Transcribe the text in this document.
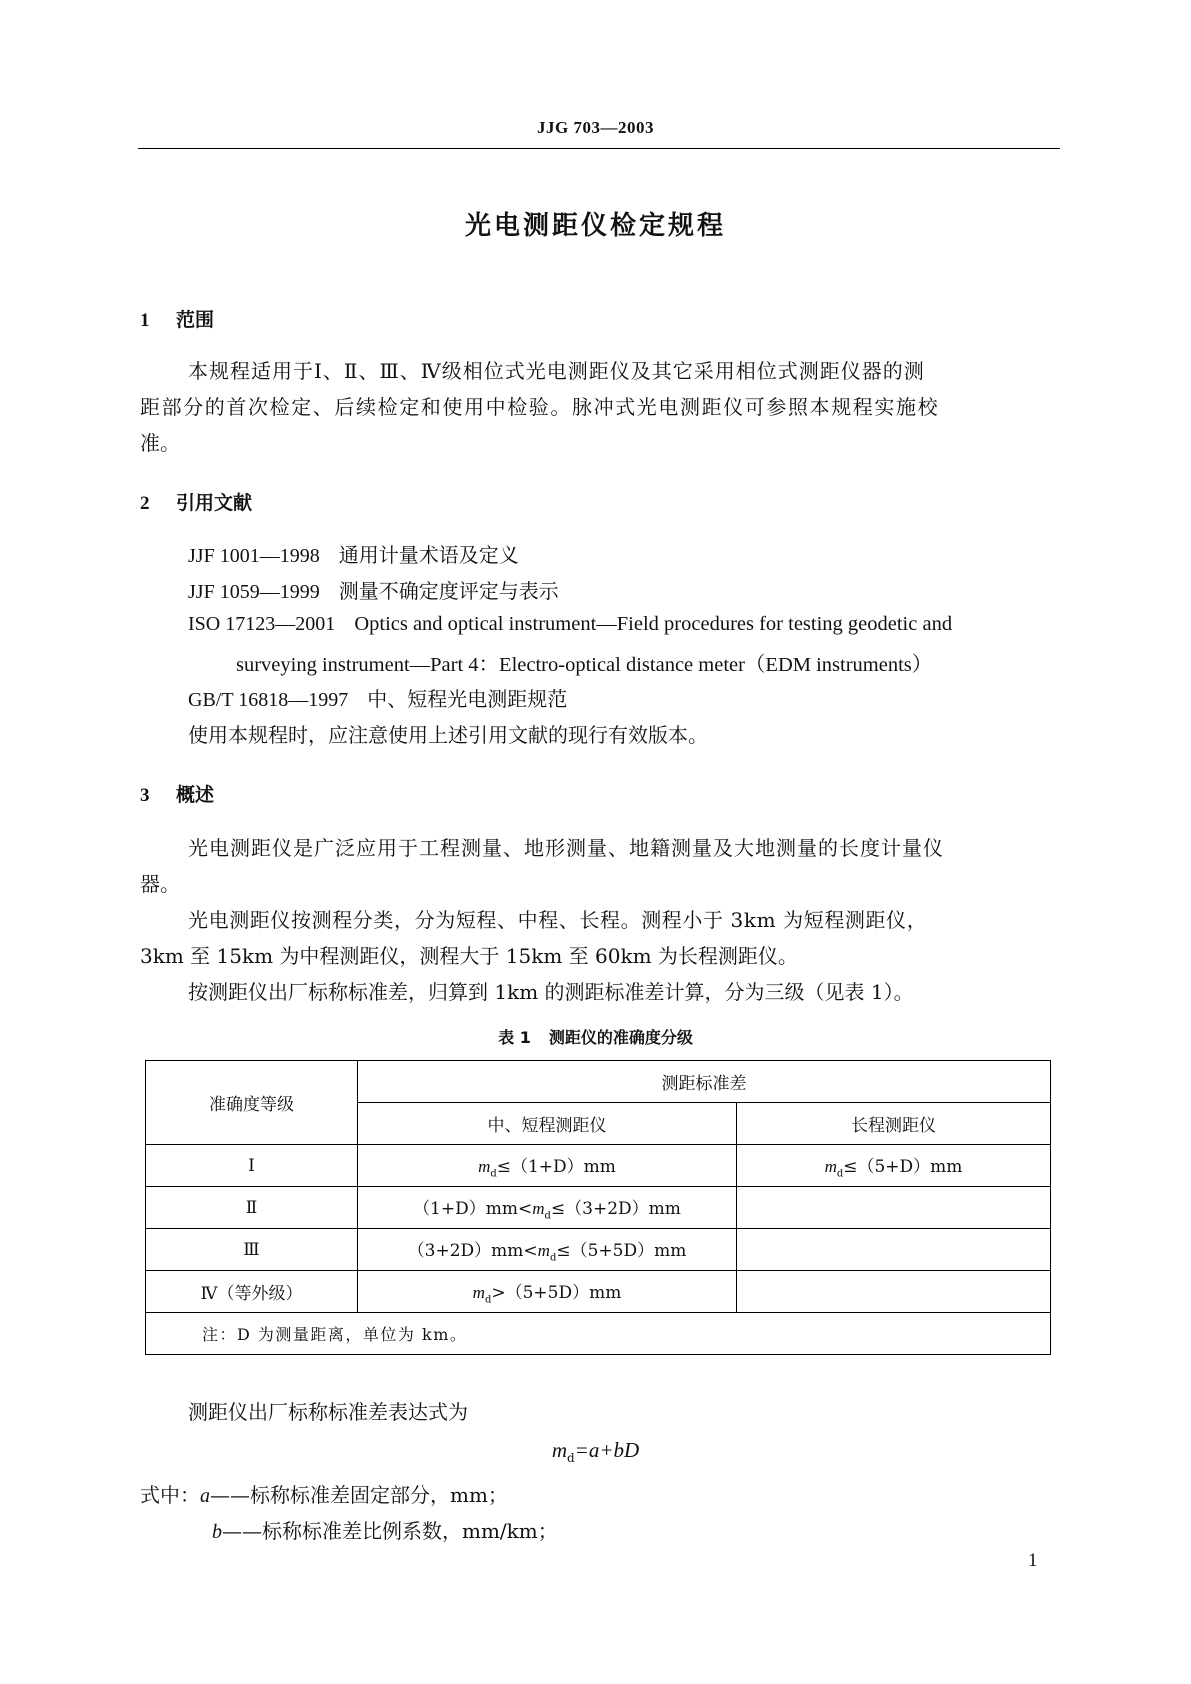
JJG 703—2003
光电测距仪检定规程
1 范围
本规程适用于Ⅰ、Ⅱ、Ⅲ、Ⅳ级相位式光电测距仪及其它采用相位式测距仪器的测
距部分的首次检定、后续检定和使用中检验。脉冲式光电测距仪可参照本规程实施校
准。
2 引用文献
JJF 1001—1998 通用计量术语及定义
JJF 1059—1999 测量不确定度评定与表示
ISO 17123—2001 Optics and optical instrument—Field procedures for testing geodetic and
surveying instrument—Part 4：Electro-optical distance meter（EDM instruments）
GB/T 16818—1997 中、短程光电测距规范
使用本规程时，应注意使用上述引用文献的现行有效版本。
3 概述
光电测距仪是广泛应用于工程测量、地形测量、地籍测量及大地测量的长度计量仪
器。
光电测距仪按测程分类，分为短程、中程、长程。测程小于 3km 为短程测距仪，
3km 至 15km 为中程测距仪，测程大于 15km 至 60km 为长程测距仪。
按测距仪出厂标称标准差，归算到 1km 的测距标准差计算，分为三级（见表 1）。
表 1 测距仪的准确度分级
准确度等级	测距标准差	
	中、短程测距仪	长程测距仪
Ⅰ	$m_d\le(1+D)mm$	$m_d\le(5+D)mm$
Ⅱ	$(1+D)mm<m_d\le(3+2D)mm$	
Ⅲ	$(3+2D)mm<m_d\le(5+5D)mm$	
Ⅳ（等外级）	$m_d>(5+5D)mm$	
注：D 为测量距离，单位为 km。		
测距仪出厂标称标准差表达式为
$m_d=a+bD$
式中：a——标称标准差固定部分，mm；
b——标称标准差比例系数，mm/km；
1
